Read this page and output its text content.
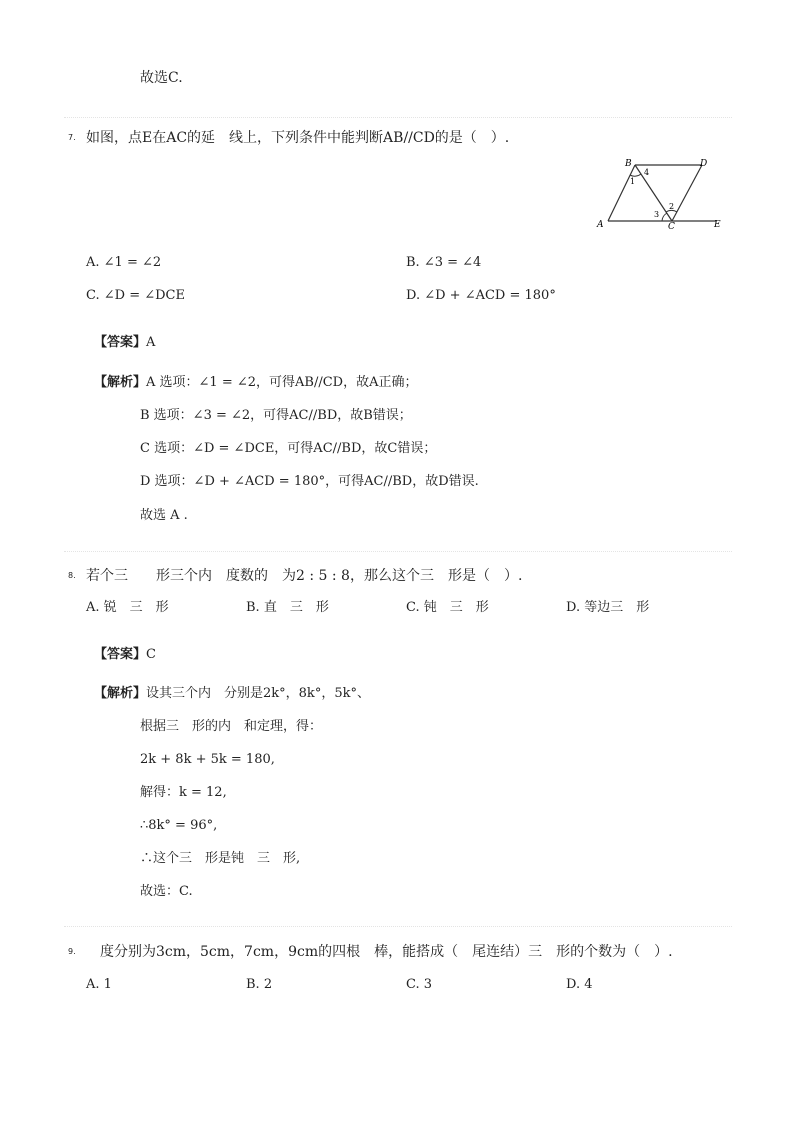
故选C.
7. 如图，点E在AC的延　线上，下列条件中能判断AB//CD的是（　）.
B	D
A	C	E
1
4
2
3
A. ∠1 = ∠2	B. ∠3 = ∠4
C. ∠D = ∠DCE	D. ∠D + ∠ACD = 180°
【答案】A
【解析】A 选项：∠1 = ∠2，可得AB//CD，故A正确；
B 选项：∠3 = ∠2，可得AC//BD，故B错误；
C 选项：∠D = ∠DCE，可得AC//BD，故C错误；
D 选项：∠D + ∠ACD = 180°，可得AC//BD，故D错误.
故选 A .
8. 若个三　　形三个内　度数的　为2 : 5 : 8，那么这个三　形是（　）.
A. 锐　三　形	B. 直　三　形	C. 钝　三　形	D. 等边三　形
【答案】C
【解析】设其三个内　分别是2k°，8k°，5k°、
根据三　形的内　和定理，得：
2k + 8k + 5k = 180,
解得：k = 12,
∴8k° = 96°,
∴这个三　形是钝　三　形,
故选：C.
9. 　度分别为3cm，5cm，7cm，9cm的四根　棒，能搭成（　尾连结）三　形的个数为（　）.
A. 1	B. 2	C. 3	D. 4
